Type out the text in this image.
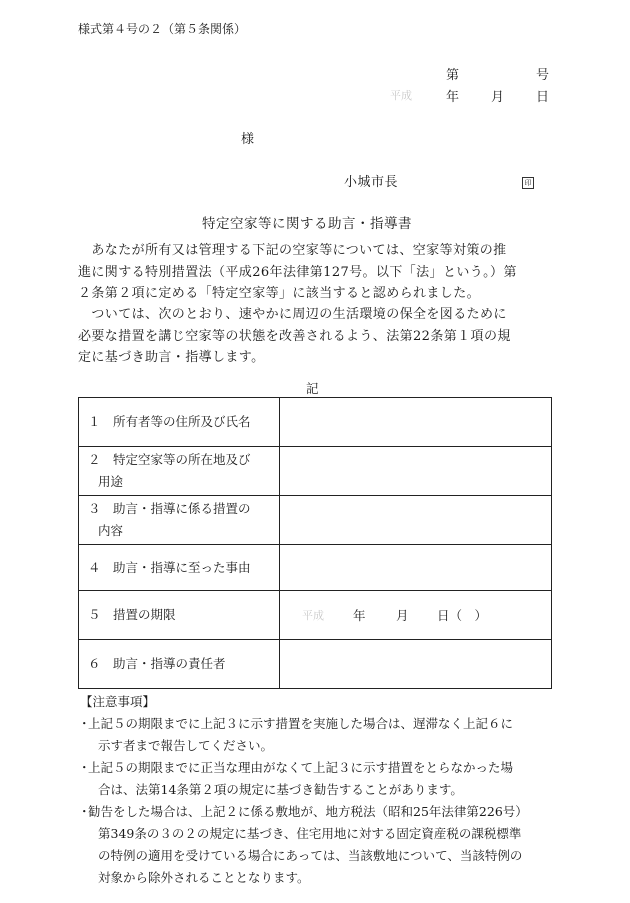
様式第４号の２（第５条関係）
第	号
平成	年 月 日
様
小城市長	印
特定空家等に関する助言・指導書
　あなたが所有又は管理する下記の空家等については、空家等対策の推
進に関する特別措置法（平成26年法律第127号。以下「法」という。）第
２条第２項に定める「特定空家等」に該当すると認められました。
　ついては、次のとおり、速やかに周辺の生活環境の保全を図るために
必要な措置を講じ空家等の状態を改善されるよう、法第22条第１項の規
定に基づき助言・指導します。
記
１　所有者等の住所及び氏名	
２　特定空家等の所在地及び
用途	
３　助言・指導に係る措置の
内容	
４　助言・指導に至った事由	
５　措置の期限	平成 年 月 日（　）

６　助言・指導の責任者	
【注意事項】
・
上記５の期限までに上記３に示す措置を実施した場合は、遅滞なく上記６に
示す者まで報告してください。
・
上記５の期限までに正当な理由がなくて上記３に示す措置をとらなかった場
合は、法第14条第２項の規定に基づき勧告することがあります。
・
勧告をした場合は、上記２に係る敷地が、地方税法（昭和25年法律第226号）
第349条の３の２の規定に基づき、住宅用地に対する固定資産税の課税標準
の特例の適用を受けている場合にあっては、当該敷地について、当該特例の
対象から除外されることとなります。
